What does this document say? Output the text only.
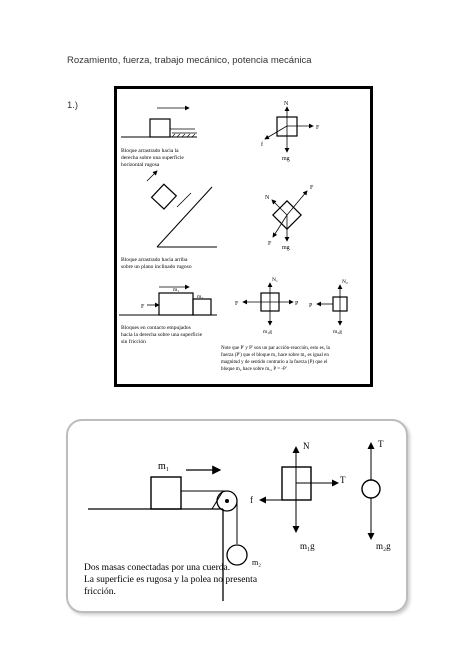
Rozamiento, fuerza, trabajo mecánico, potencia mecánica
1.)
Bloque arrastrado hacia la
derecha sobre una superficie
horizontal rugosa
N
F
f
mg
Bloque arrastrado hacia arriba
sobre un plano inclinado rugoso
N
F
F
mg
F
m₁
m₂
Bloques en contacto empujados
hacia la derecha sobre una superficie
sin fricción
N₁
F	P
m₁g
N₂
P
m₂g
Note que P' y P' son un par acción-reacción, esto es, la
fuerza (P') que el bloque m₁ hace sobre m₂ es igual en
magnitud y de sentido contrario a la fuerza (P) que el
bloque m₂ hace sobre m₁, P = -P'
m₁
m₂
N
T
f
m₁g
T
m₂g
Dos masas conectadas por una cuerda.
La superficie es rugosa y la polea no presenta
fricción.
